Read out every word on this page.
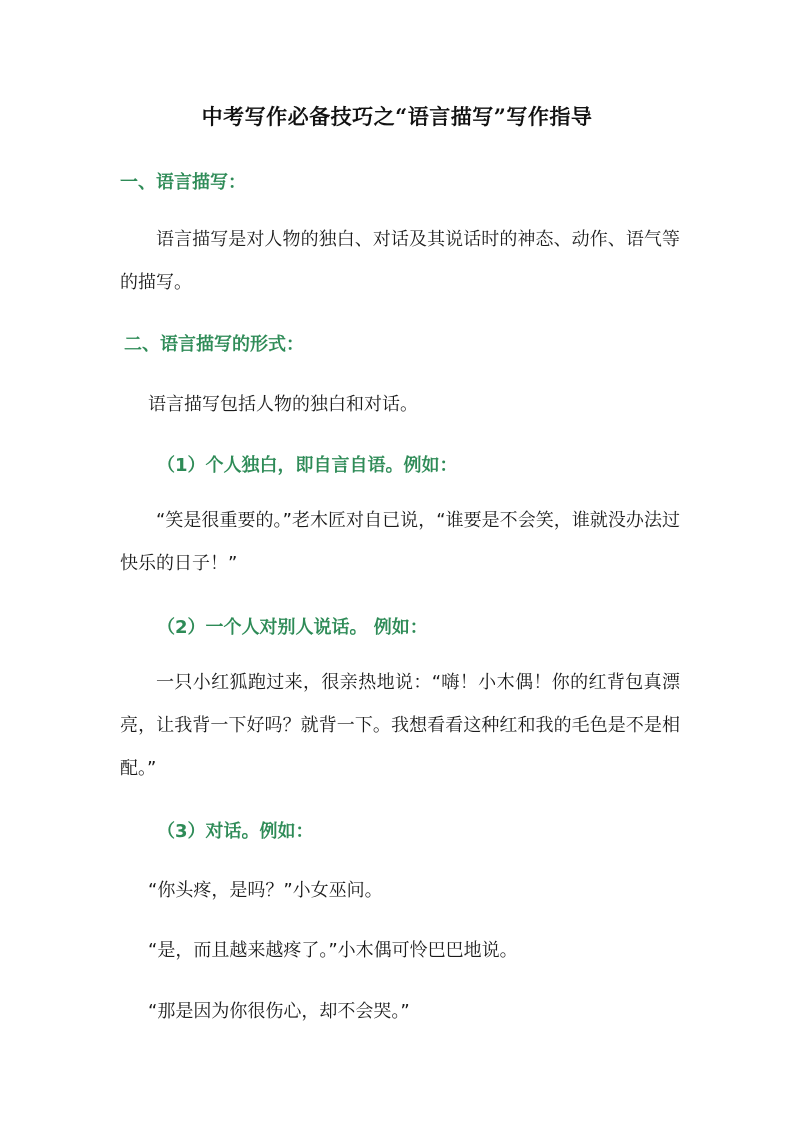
中考写作必备技巧之“语言描写”写作指导
一、语言描写：
语言描写是对人物的独白、对话及其说话时的神态、动作、语气等的描写。
二、语言描写的形式：
语言描写包括人物的独白和对话。
（1）个人独白，即自言自语。例如：
“笑是很重要的。”老木匠对自已说，“谁要是不会笑，谁就没办法过快乐的日子！”
（2）一个人对别人说话。 例如：
一只小红狐跑过来，很亲热地说：“嗨！小木偶！你的红背包真漂亮，让我背一下好吗？就背一下。我想看看这种红和我的毛色是不是相配。”
（3）对话。例如：
“你头疼，是吗？”小女巫问。
“是，而且越来越疼了。”小木偶可怜巴巴地说。
“那是因为你很伤心，却不会哭。”
